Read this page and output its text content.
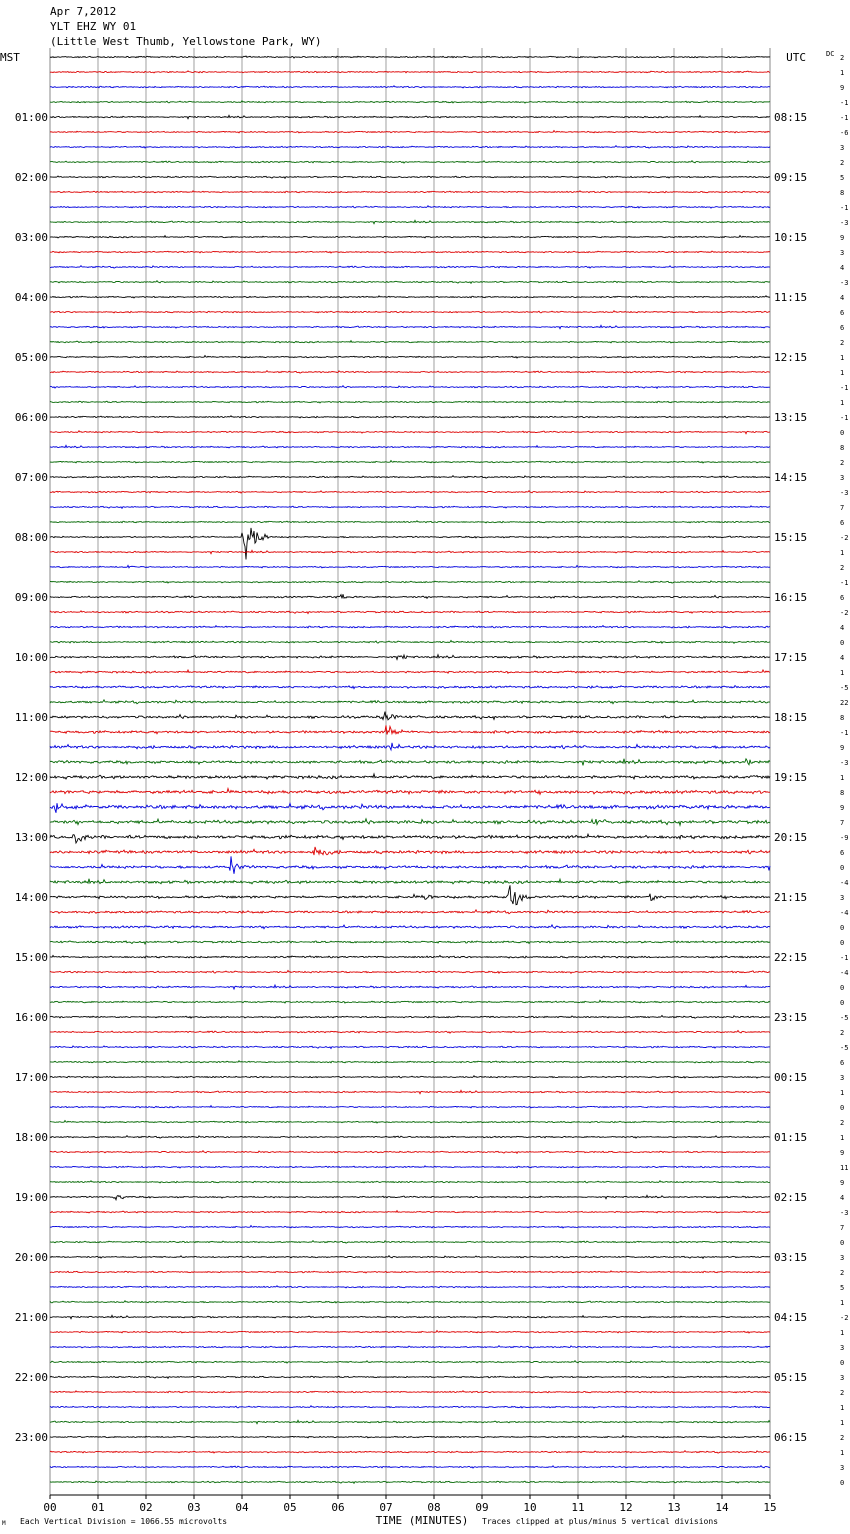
Apr 7,2012
YLT EHZ WY 01
(Little West Thumb, Yellowstone Park, WY)
MST	UTC	DC
01:00
02:00
03:00
04:00
05:00
06:00
07:00
08:00
09:00
10:00
11:00
12:00
13:00
14:00
15:00
16:00
17:00
18:00
19:00
20:00
21:00
22:00
23:00
08:15
09:15
10:15
11:15
12:15
13:15
14:15
15:15
16:15
17:15
18:15
19:15
20:15
21:15
22:15
23:15
00:15
01:15
02:15
03:15
04:15
05:15
06:15
2
1
9
-1
-1
-6
3
2
5
8
-1
-3
9
3
4
-3
4
6
6
2
1
1
-1
1
-1
0
8
2
3
-3
7
6
-2
1
2
-1
6
-2
4
0
4
1
-5
22
8
-1
9
-3
1
8
9
7
-9
6
0
-4
3
-4
0
0
-1
-4
0
0
-5
2
-5
6
3
1
0
2
1
9
11
9
4
-3
7
0
3
2
5
1
-2
1
3
0
3
2
1
1
2
1
3
0
00	01	02	03	04	05	06	07	08	09	10	11	12	13	14	15
M Each Vertical Division = 1066.55 microvolts	TIME (MINUTES) Traces clipped at plus/minus 5 vertical divisions
